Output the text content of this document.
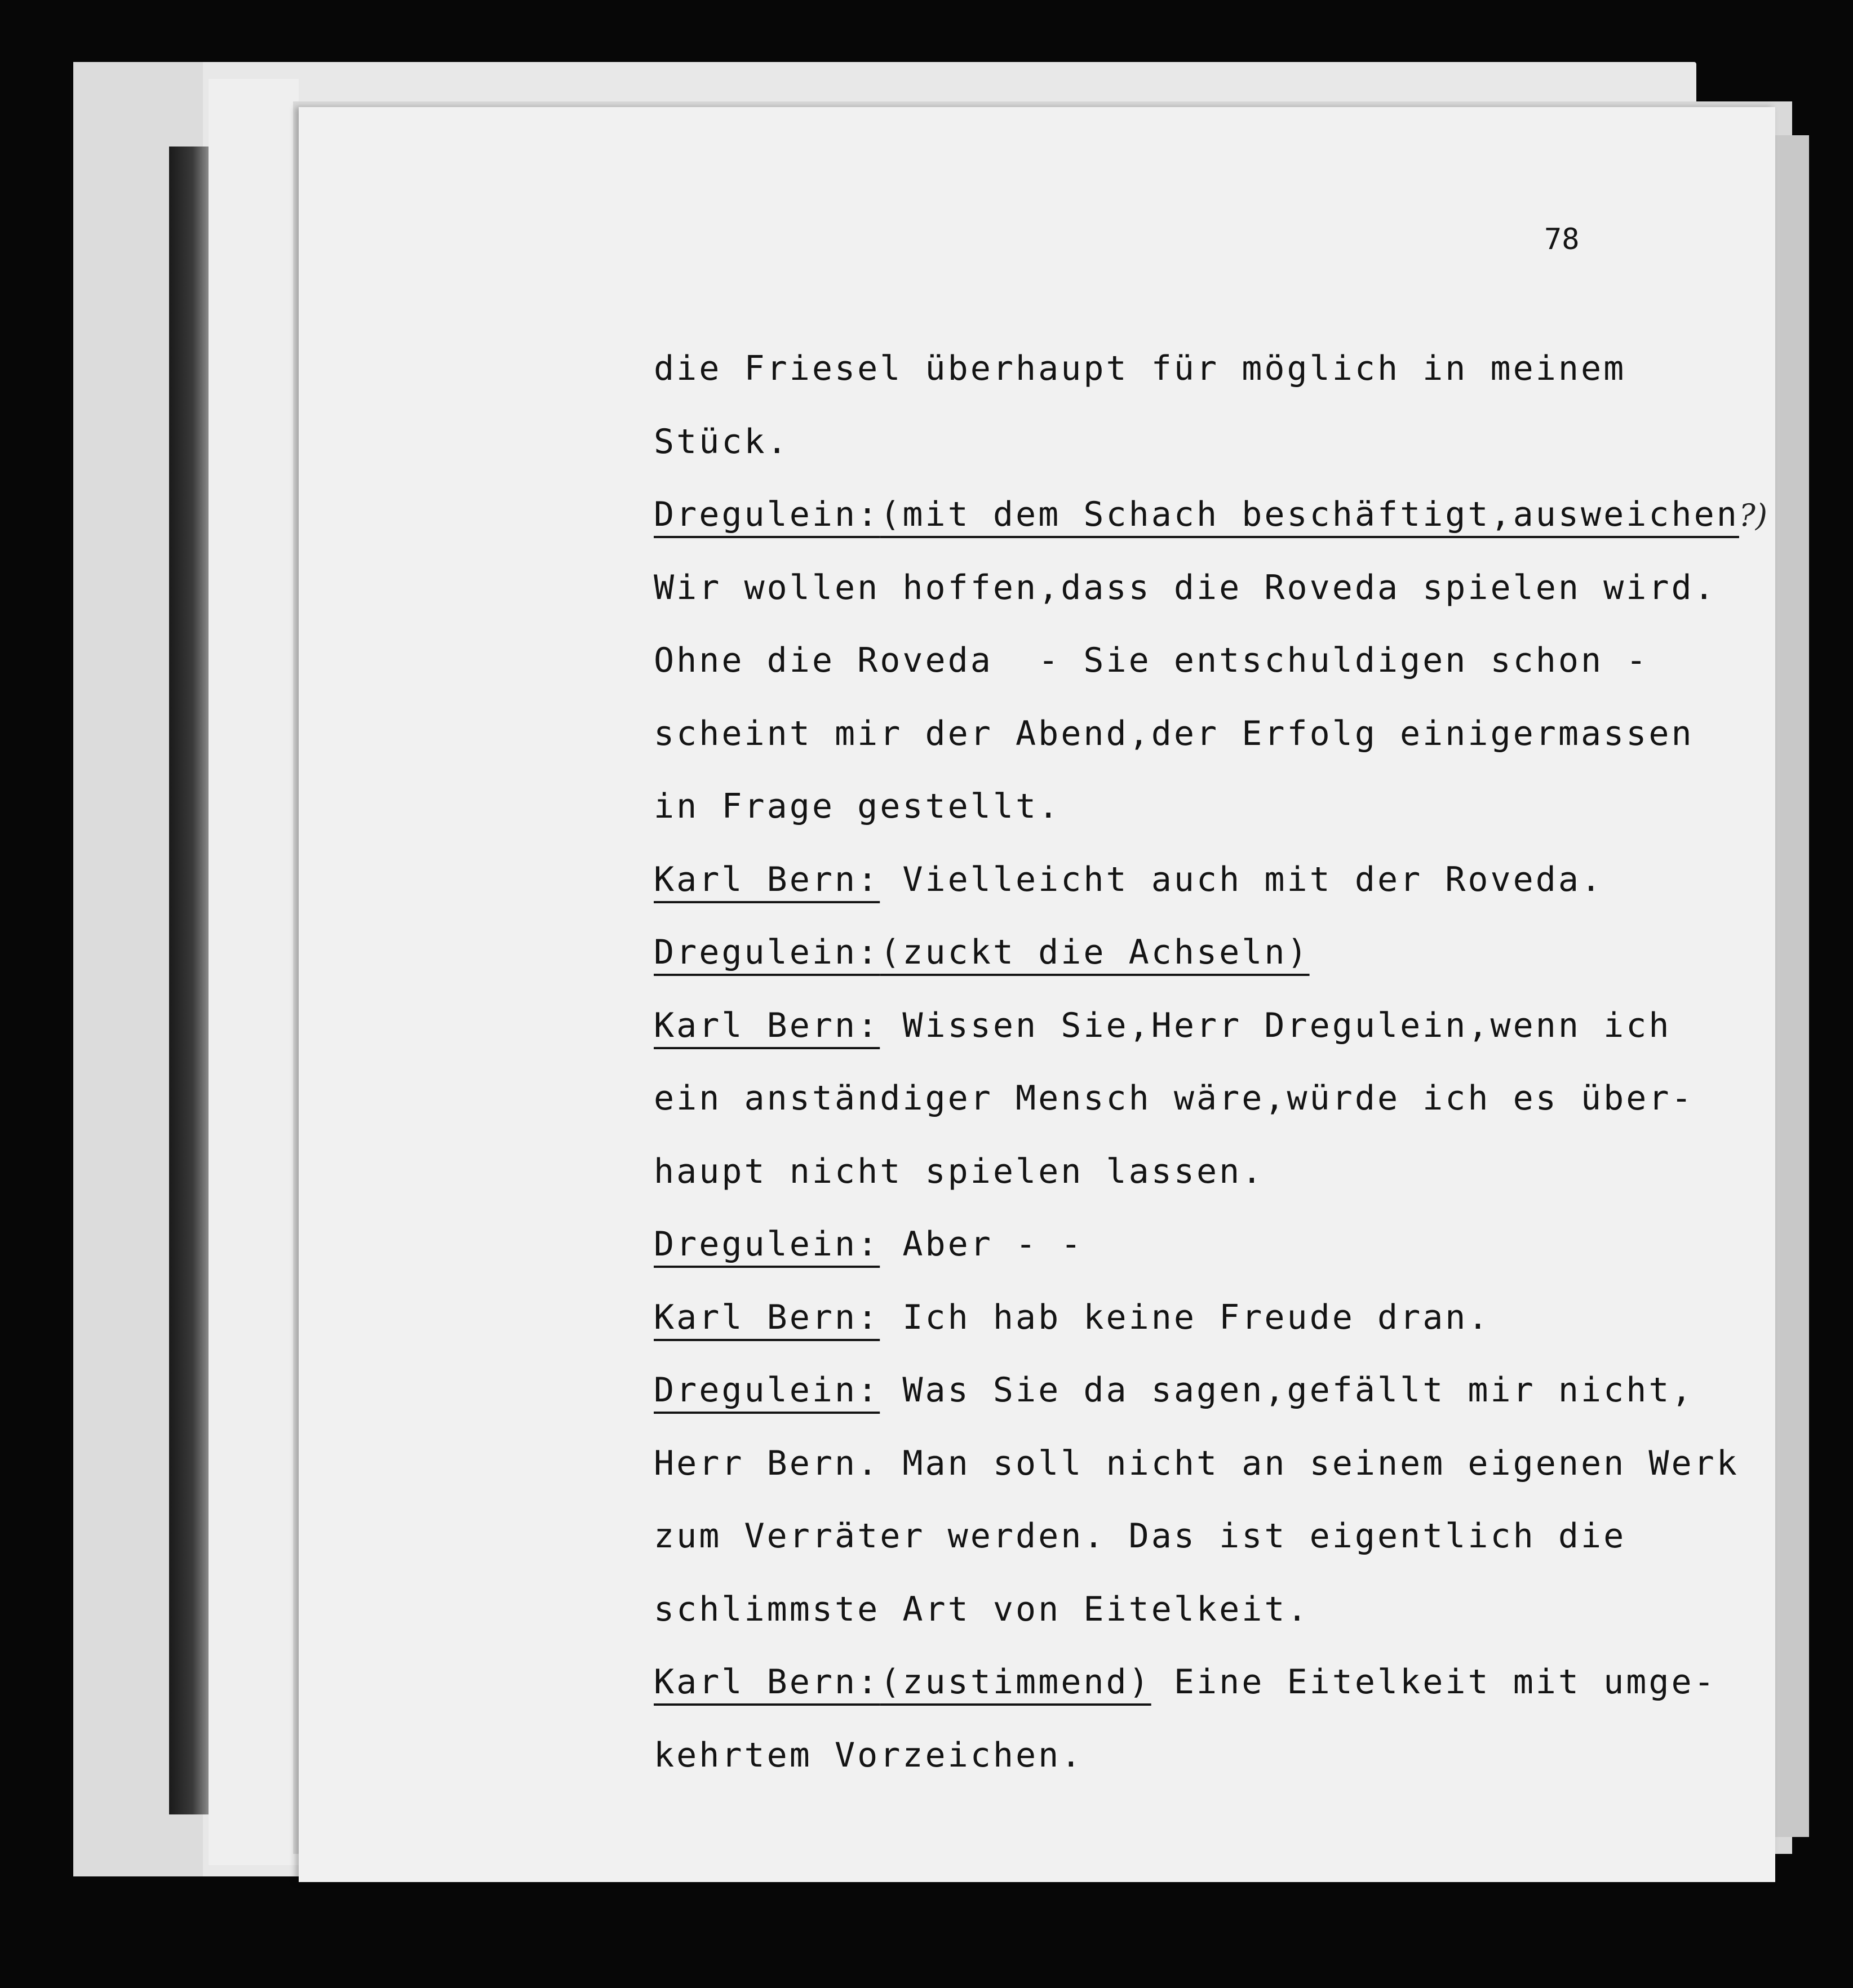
78

die Friesel überhaupt für möglich in meinem
Stück.
Dregulein:(mit dem Schach beschäftigt,ausweichen?)
Wir wollen hoffen,dass die Roveda spielen wird.
Ohne die Roveda  - Sie entschuldigen schon -
scheint mir der Abend,der Erfolg einigermassen
in Frage gestellt.
Karl Bern: Vielleicht auch mit der Roveda.
Dregulein:(zuckt die Achseln)
Karl Bern: Wissen Sie,Herr Dregulein,wenn ich
ein anständiger Mensch wäre,würde ich es über-
haupt nicht spielen lassen.
Dregulein: Aber - -
Karl Bern: Ich hab keine Freude dran.
Dregulein: Was Sie da sagen,gefällt mir nicht,
Herr Bern. Man soll nicht an seinem eigenen Werk
zum Verräter werden. Das ist eigentlich die
schlimmste Art von Eitelkeit.
Karl Bern:(zustimmend) Eine Eitelkeit mit umge-
kehrtem Vorzeichen.
